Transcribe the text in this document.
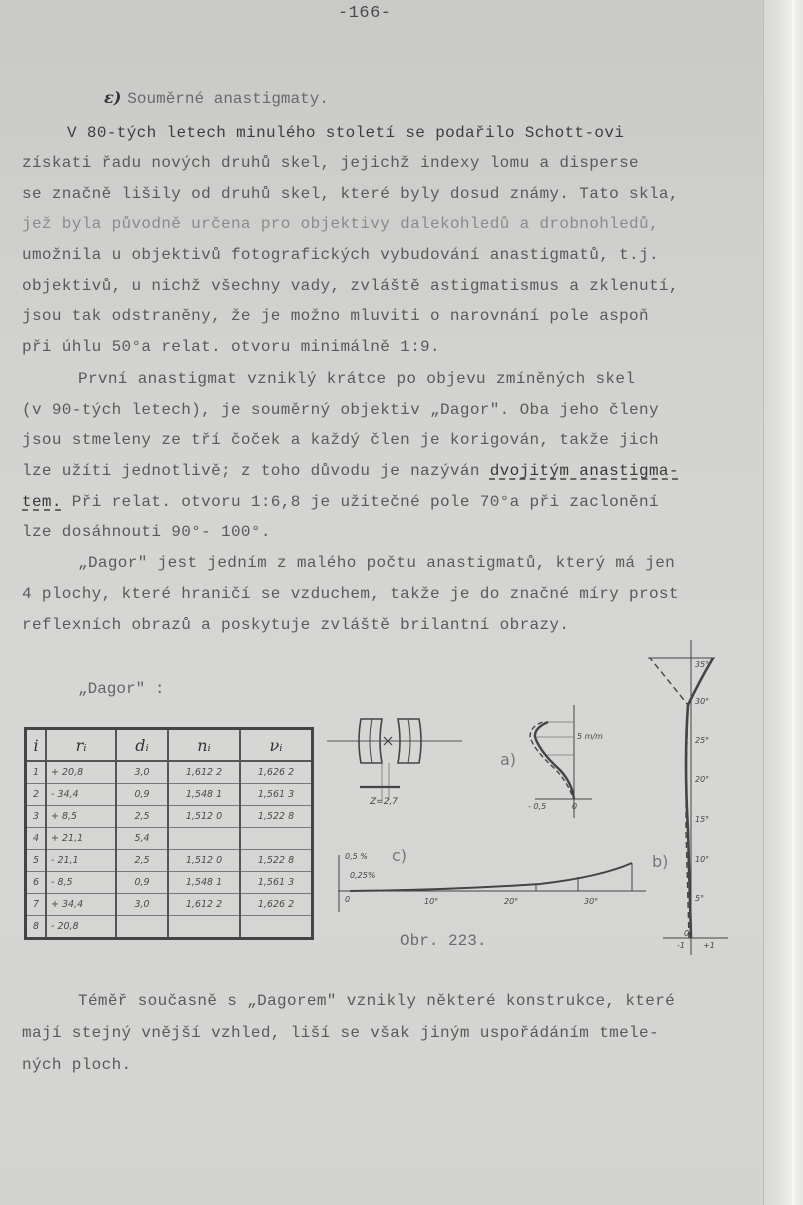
-166-
ε) Souměrné anastigmaty.
V 80-tých letech minulého století se podařilo Schott-ovi
získati řadu nových druhů skel, jejichž indexy lomu a disperse
se značně lišily od druhů skel, které byly dosud známy. Tato skla,
jež byla původně určena pro objektivy dalekohledů a drobnohledů,
umožnila u objektivů fotografických vybudování anastigmatů, t.j.
objektivů, u nichž všechny vady, zvláště astigmatismus a zklenutí,
jsou tak odstraněny, že je možno mluviti o narovnání pole aspoň
při úhlu 50°a relat. otvoru minimálně 1:9.
První anastigmat vzniklý krátce po objevu zmíněných skel
(v 90-tých letech), je souměrný objektiv „Dagor". Oba jeho členy
jsou stmeleny ze tří čoček a každý člen je korigován, takže jich
lze užíti jednotlivě; z toho důvodu je nazýván dvojitým anastigma-
tem. Při relat. otvoru 1:6,8 je užitečné pole 70°a při zaclonění
lze dosáhnouti 90°- 100°.
„Dagor" jest jedním z malého počtu anastigmatů, který má jen
4 plochy, které hraničí se vzduchem, takže je do značné míry prost
reflexních obrazů a poskytuje zvláště brilantní obrazy.
„Dagor" :
i	rᵢ	dᵢ	nᵢ	νᵢ
1	+ 20,8	3,0	1,612 2	1,626 2
2	- 34,4	0,9	1,548 1	1,561 3
3	+ 8,5	2,5	1,512 0	1,522 8
4	+ 21,1	5,4		
5	- 21,1	2,5	1,512 0	1,522 8
6	- 8,5	0,9	1,548 1	1,561 3
7	+ 34,4	3,0	1,612 2	1,626 2
8	- 20,8			
Z=2,7
a)
5 m/m
- 0,5	0
b)
35°
30°
25°
20°
15°
10°
5°
0
-1 +1
c)
0,5 %
0,25%
0	10°	20°	30°
Obr. 223.
Téměř současně s „Dagorem" vznikly některé konstrukce, které
mají stejný vnější vzhled, liší se však jiným uspořádáním tmele-
ných ploch.
